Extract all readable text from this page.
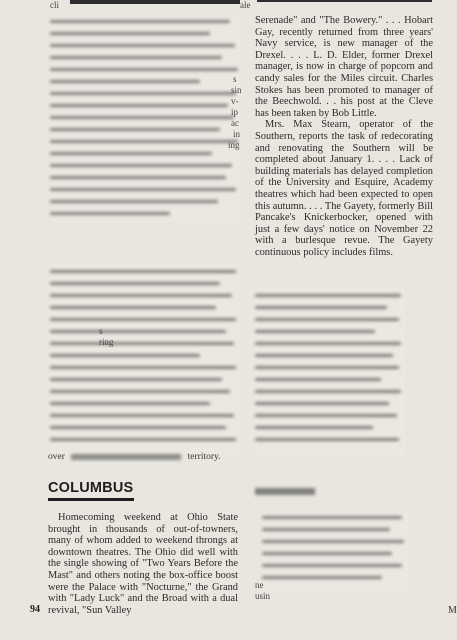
cli	ale
s
sin
v-
ip
ac
in
ing

Serenade" and "The Bowery." . . . Hobart Gay, recently returned from three years' Navy service, is new manager of the Drexel. . . . L. D. Elder, former Drexel manager, is now in charge of popcorn and candy sales for the Miles circuit. Charles Stokes has been promoted to manager of the Beechwold. . . his post at the Cleve has been taken by Bob Little.

Mrs. Max Stearn, operator of the Southern, reports the task of redecorating and renovating the Southern will be completed about January 1. . . . Lack of building materials has delayed completion of the University and Esquire, Academy theatres which had been expected to open this autumn. . . . The Gayety, formerly Bill Pancake's Knickerbocker, opened with just a few days' notice on November 22 with a burlesque revue. The Gayety continuous policy includes films.

s
ring
over	territory.
COLUMBUS

Homecoming weekend at Ohio State brought in thousands of out-of-towners, many of whom added to weekend throngs at downtown theatres. The Ohio did well with the single showing of "Two Years Before the Mast" and others noting the box-office boost were the Palace with "Nocturne," the Grand with "Lady Luck" and the Broad with a dual revival, "Sun Valley

ne
usin
94	M
